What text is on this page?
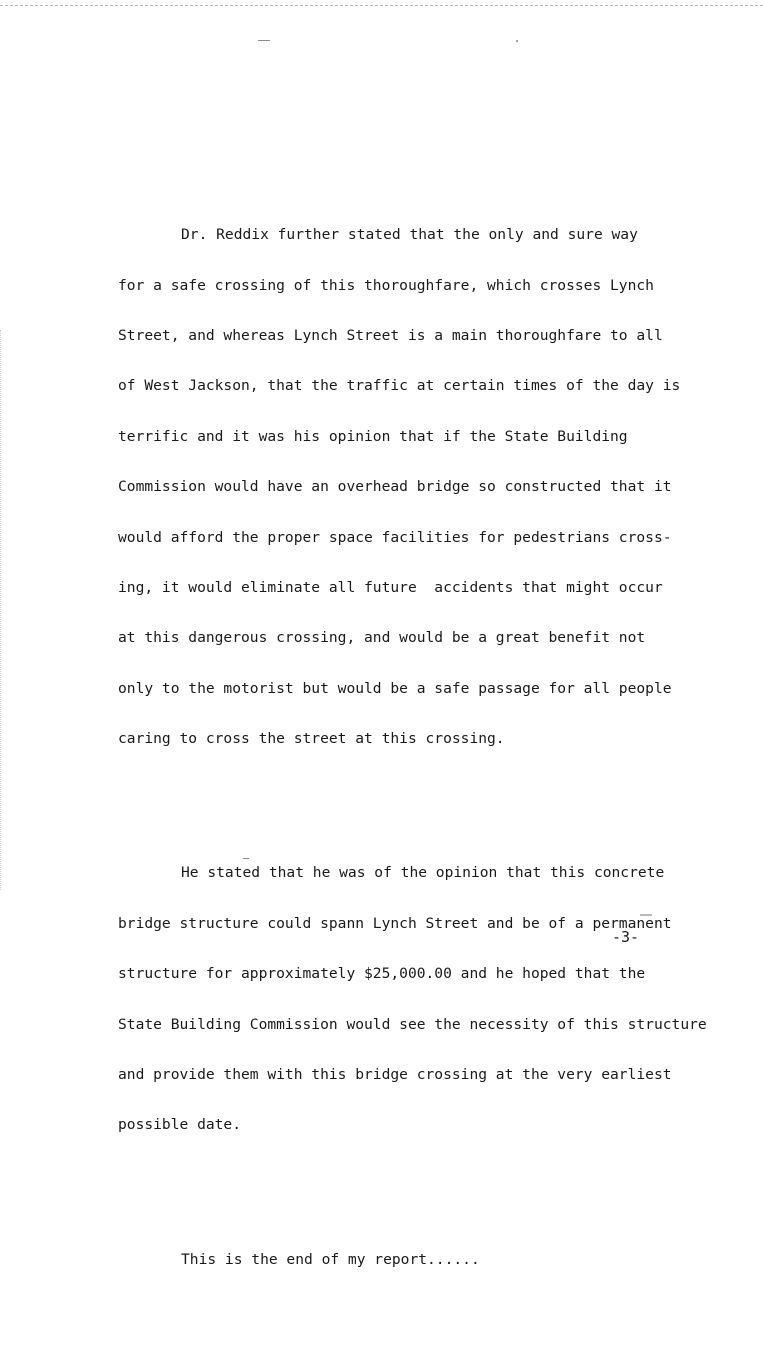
Dr. Reddix further stated that the only and sure way

for a safe crossing of this thoroughfare, which crosses Lynch

Street, and whereas Lynch Street is a main thoroughfare to all

of West Jackson, that the traffic at certain times of the day is

terrific and it was his opinion that if the State Building

Commission would have an overhead bridge so constructed that it

would afford the proper space facilities for pedestrians cross-

ing, it would eliminate all future  accidents that might occur

at this dangerous crossing, and would be a great benefit not

only to the motorist but would be a safe passage for all people

caring to cross the street at this crossing.

He stated that he was of the opinion that this concrete

bridge structure could spann Lynch Street and be of a permanent

structure for approximately $25,000.00 and he hoped that the

State Building Commission would see the necessity of this structure

and provide them with this bridge crossing at the very earliest

possible date.

This is the end of my report......

-3-
